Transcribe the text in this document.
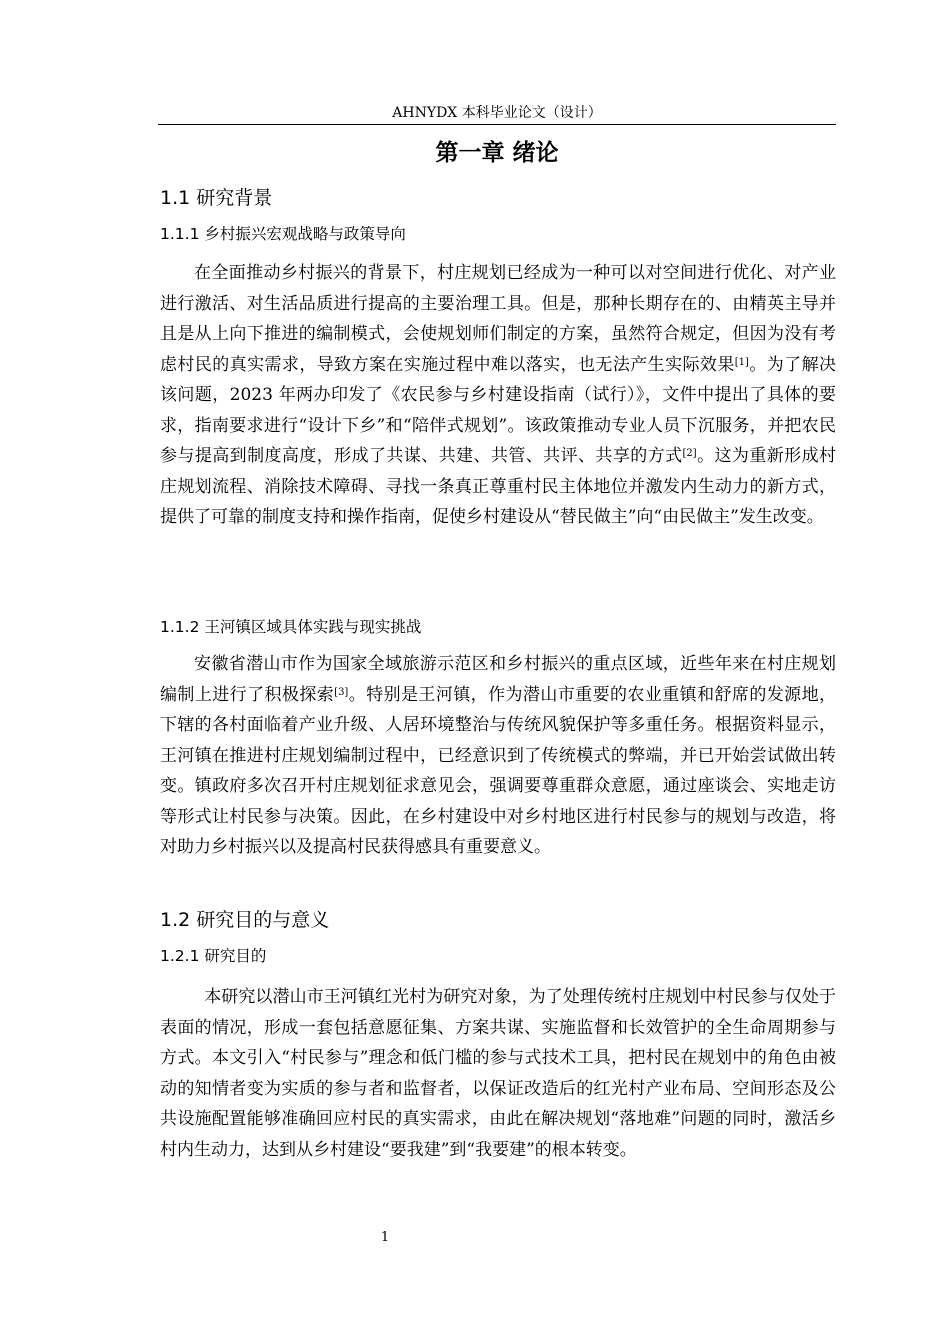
AHNYDX 本科毕业论文（设计）
第一章 绪论
1.1 研究背景
1.1.1 乡村振兴宏观战略与政策导向

在全面推动乡村振兴的背景下，村庄规划已经成为一种可以对空间进行优化、对产业进行激活、对生活品质进行提高的主要治理工具。但是，那种长期存在的、由精英主导并且是从上向下推进的编制模式，会使规划师们制定的方案，虽然符合规定，但因为没有考虑村民的真实需求，导致方案在实施过程中难以落实，也无法产生实际效果[1]。为了解决该问题，2023 年两办印发了《农民参与乡村建设指南（试行）》，文件中提出了具体的要求，指南要求进行“设计下乡”和“陪伴式规划”。该政策推动专业人员下沉服务，并把农民参与提高到制度高度，形成了共谋、共建、共管、共评、共享的方式[2]。这为重新形成村庄规划流程、消除技术障碍、寻找一条真正尊重村民主体地位并激发内生动力的新方式，提供了可靠的制度支持和操作指南，促使乡村建设从“替民做主”向“由民做主”发生改变。

1.1.2 王河镇区域具体实践与现实挑战

安徽省潜山市作为国家全域旅游示范区和乡村振兴的重点区域，近些年来在村庄规划编制上进行了积极探索[3]。特别是王河镇，作为潜山市重要的农业重镇和舒席的发源地，下辖的各村面临着产业升级、人居环境整治与传统风貌保护等多重任务。根据资料显示，王河镇在推进村庄规划编制过程中，已经意识到了传统模式的弊端，并已开始尝试做出转变。镇政府多次召开村庄规划征求意见会，强调要尊重群众意愿，通过座谈会、实地走访等形式让村民参与决策。因此，在乡村建设中对乡村地区进行村民参与的规划与改造，将对助力乡村振兴以及提高村民获得感具有重要意义。

1.2 研究目的与意义
1.2.1 研究目的

本研究以潜山市王河镇红光村为研究对象，为了处理传统村庄规划中村民参与仅处于表面的情况，形成一套包括意愿征集、方案共谋、实施监督和长效管护的全生命周期参与方式。本文引入“村民参与”理念和低门槛的参与式技术工具，把村民在规划中的角色由被动的知情者变为实质的参与者和监督者，以保证改造后的红光村产业布局、空间形态及公共设施配置能够准确回应村民的真实需求，由此在解决规划“落地难”问题的同时，激活乡村内生动力，达到从乡村建设“要我建”到“我要建”的根本转变。

1
